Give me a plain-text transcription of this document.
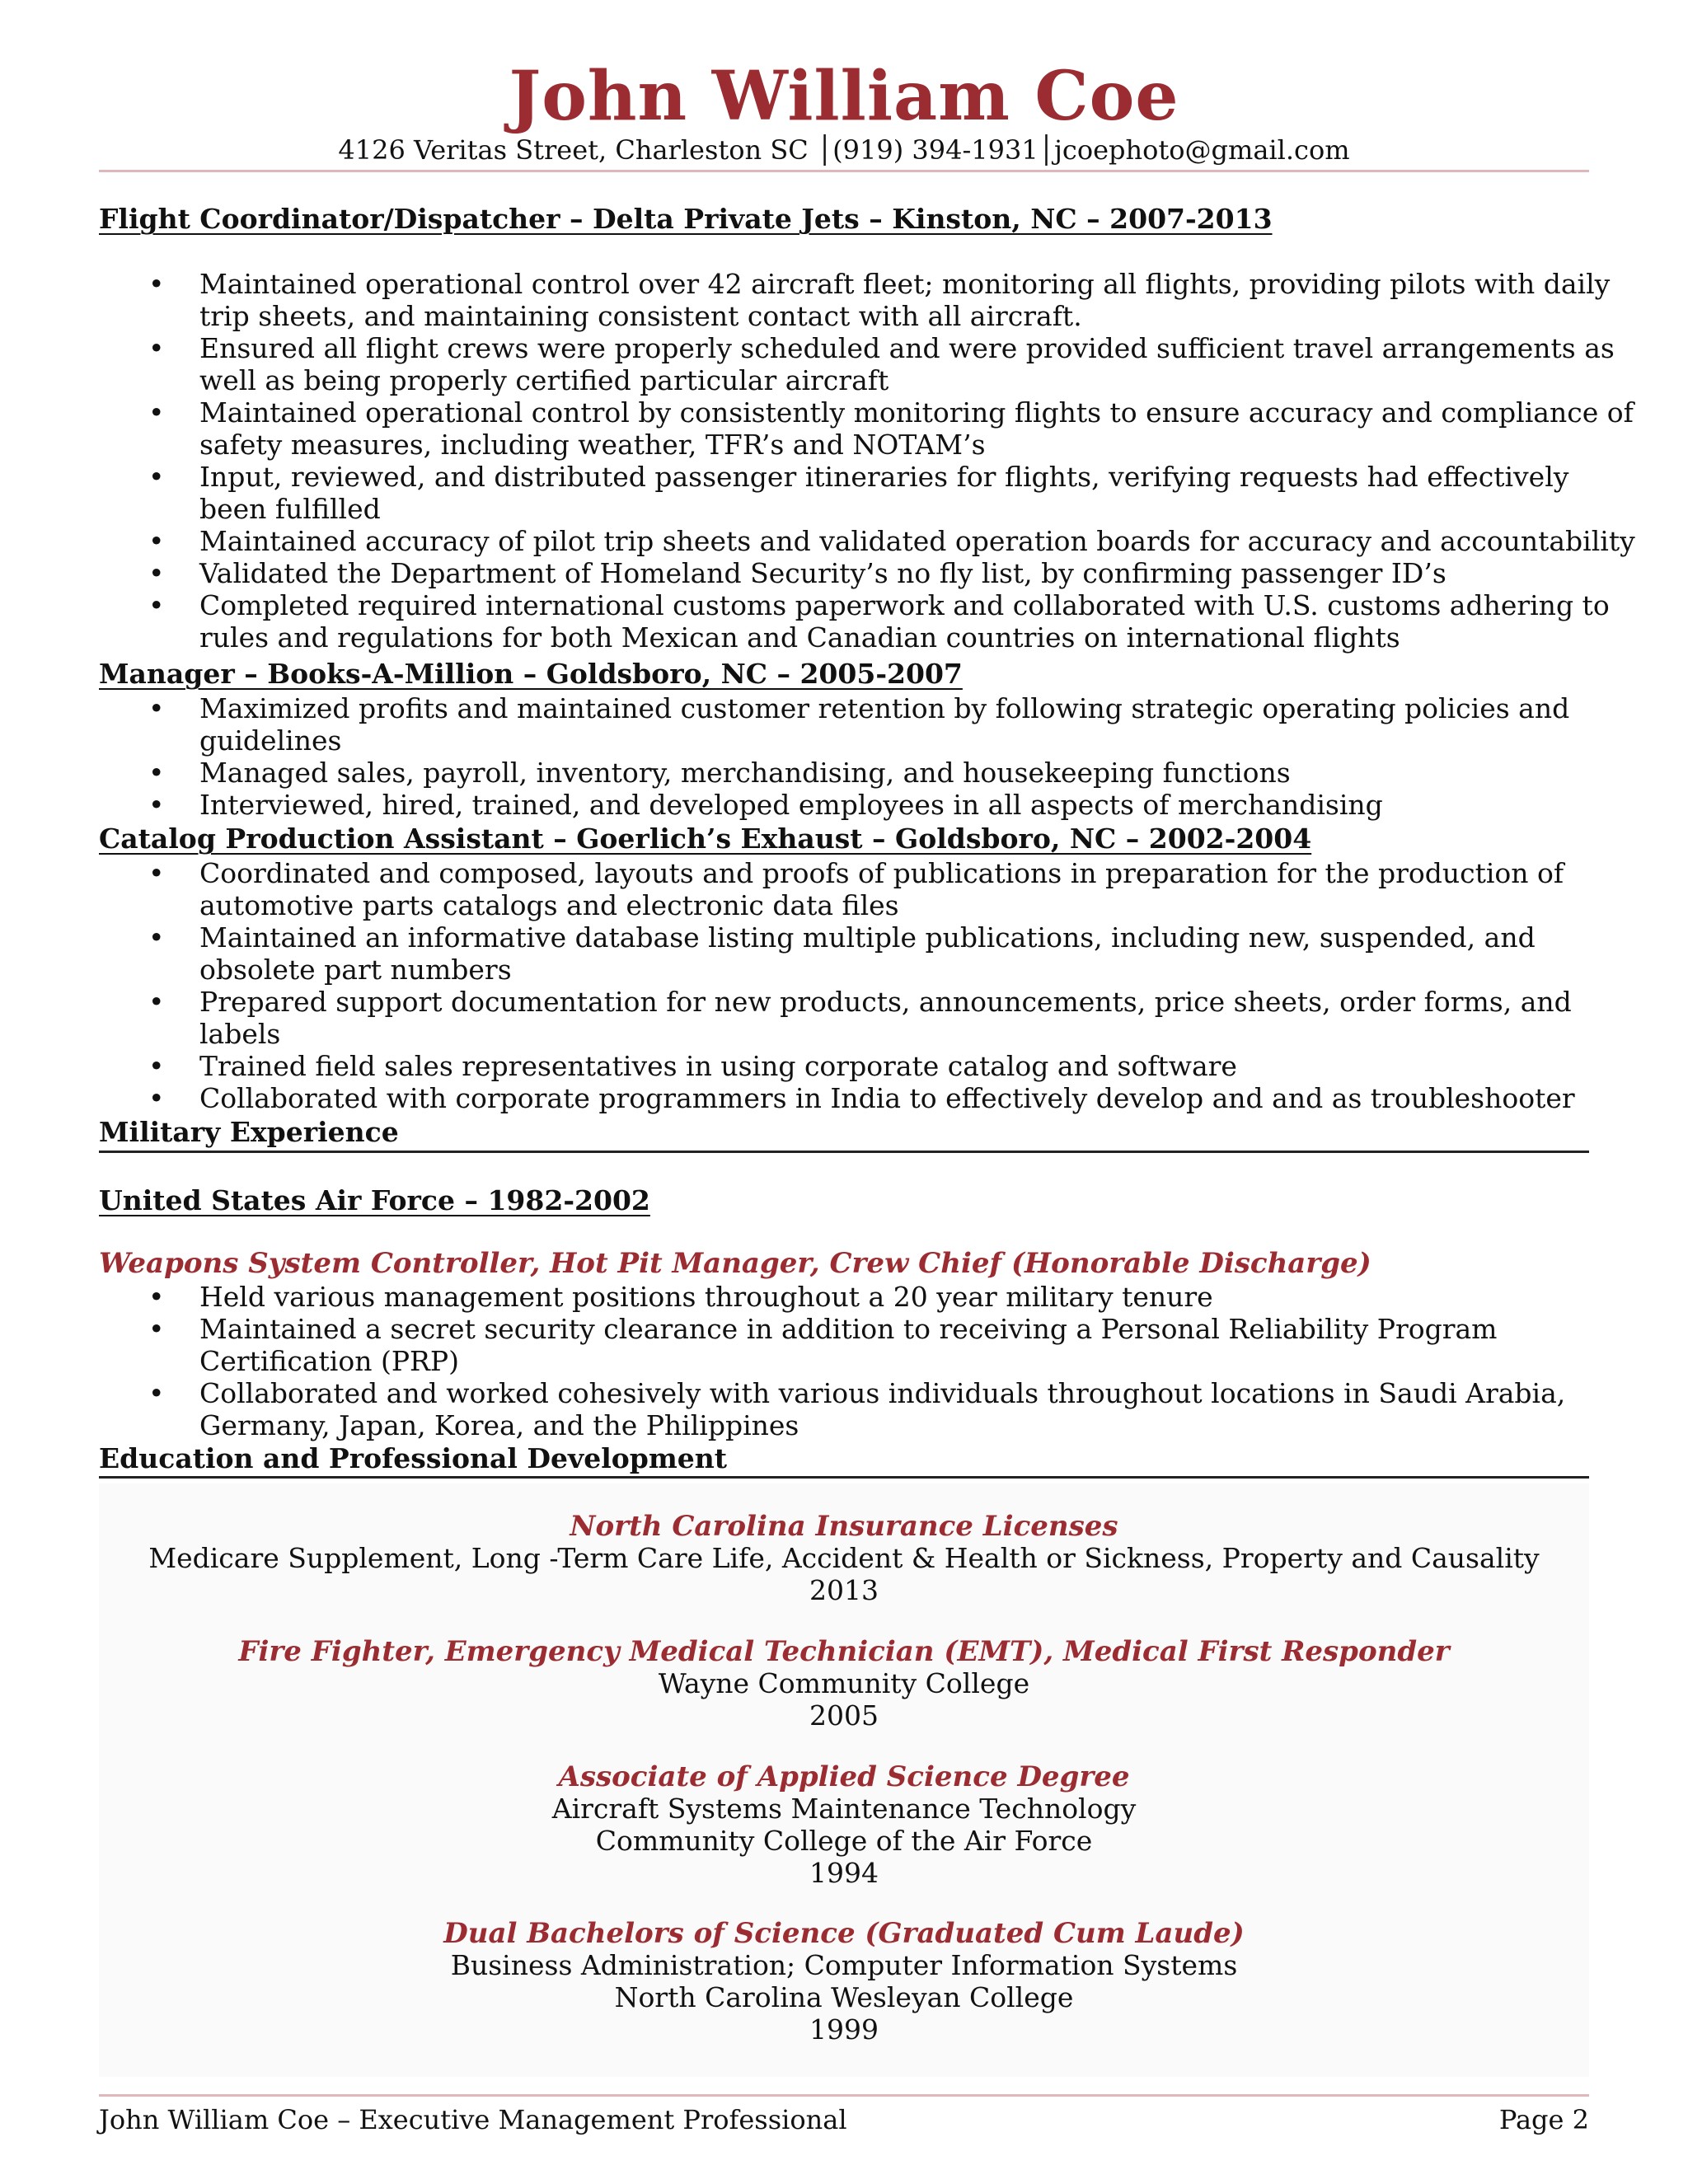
John William Coe
4126 Veritas Street, Charleston SC │(919) 394-1931│jcoephoto@gmail.com
Flight Coordinator/Dispatcher – Delta Private Jets – Kinston, NC – 2007-2013
• Maintained operational control over 42 aircraft fleet; monitoring all flights, providing pilots with daily trip sheets, and maintaining consistent contact with all aircraft.
• Ensured all flight crews were properly scheduled and were provided sufficient travel arrangements as well as being properly certified particular aircraft
• Maintained operational control by consistently monitoring flights to ensure accuracy and compliance of safety measures, including weather, TFR’s and NOTAM’s
• Input, reviewed, and distributed passenger itineraries for flights, verifying requests had effectively been fulfilled
• Maintained accuracy of pilot trip sheets and validated operation boards for accuracy and accountability
• Validated the Department of Homeland Security’s no fly list, by confirming passenger ID’s
• Completed required international customs paperwork and collaborated with U.S. customs adhering to rules and regulations for both Mexican and Canadian countries on international flights
Manager – Books-A-Million – Goldsboro, NC – 2005-2007
• Maximized profits and maintained customer retention by following strategic operating policies and guidelines
• Managed sales, payroll, inventory, merchandising, and housekeeping functions
• Interviewed, hired, trained, and developed employees in all aspects of merchandising
Catalog Production Assistant – Goerlich’s Exhaust – Goldsboro, NC – 2002-2004
• Coordinated and composed, layouts and proofs of publications in preparation for the production of automotive parts catalogs and electronic data files
• Maintained an informative database listing multiple publications, including new, suspended, and obsolete part numbers
• Prepared support documentation for new products, announcements, price sheets, order forms, and labels
• Trained field sales representatives in using corporate catalog and software
• Collaborated with corporate programmers in India to effectively develop and and as troubleshooter
Military Experience
United States Air Force – 1982-2002
Weapons System Controller, Hot Pit Manager, Crew Chief (Honorable Discharge)
• Held various management positions throughout a 20 year military tenure
• Maintained a secret security clearance in addition to receiving a Personal Reliability Program Certification (PRP)
• Collaborated and worked cohesively with various individuals throughout locations in Saudi Arabia, Germany, Japan, Korea, and the Philippines
Education and Professional Development
North Carolina Insurance Licenses
Medicare Supplement, Long -Term Care Life, Accident & Health or Sickness, Property and Causality
2013
Fire Fighter, Emergency Medical Technician (EMT), Medical First Responder
Wayne Community College
2005
Associate of Applied Science Degree
Aircraft Systems Maintenance Technology
Community College of the Air Force
1994
Dual Bachelors of Science (Graduated Cum Laude)
Business Administration; Computer Information Systems
North Carolina Wesleyan College
1999
John William Coe – Executive Management Professional	Page 2
